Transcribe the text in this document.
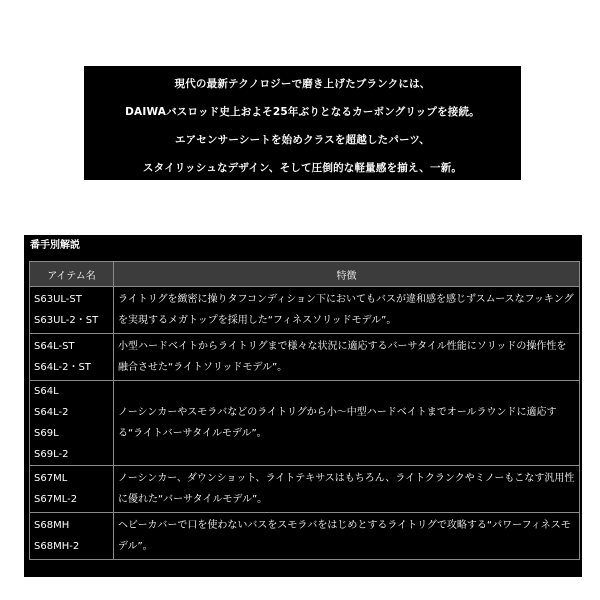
現代の最新テクノロジーで磨き上げたブランクには、
DAIWAバスロッド史上およそ25年ぶりとなるカーボングリップを接続。
エアセンサーシートを始めクラスを超越したパーツ、
スタイリッシュなデザイン、そして圧倒的な軽量感を揃え、一新。
番手別解説
アイテム名	特徴

S63UL-ST
S63UL-2・ST	ライトリグを緻密に操りタフコンディション下においてもバスが違和感を感じずスムースなフッキングを実現するメガトップを採用した“フィネスソリッドモデル”。

S64L-ST
S64L-2・ST	小型ハードベイトからライトリグまで様々な状況に適応するバーサタイル性能にソリッドの操作性を融合させた“ライトソリッドモデル”。

S64L
S64L-2
S69L
S69L-2	ノーシンカーやスモラバなどのライトリグから小～中型ハードベイトまでオールラウンドに適応する“ライトバーサタイルモデル”。

S67ML
S67ML-2	ノーシンカー、ダウンショット、ライトテキサスはもちろん、ライトクランクやミノーもこなす汎用性に優れた“バーサタイルモデル”。

S68MH
S68MH-2	ヘビーカバーで口を使わないバスをスモラバをはじめとするライトリグで攻略する“パワーフィネスモデル”。
